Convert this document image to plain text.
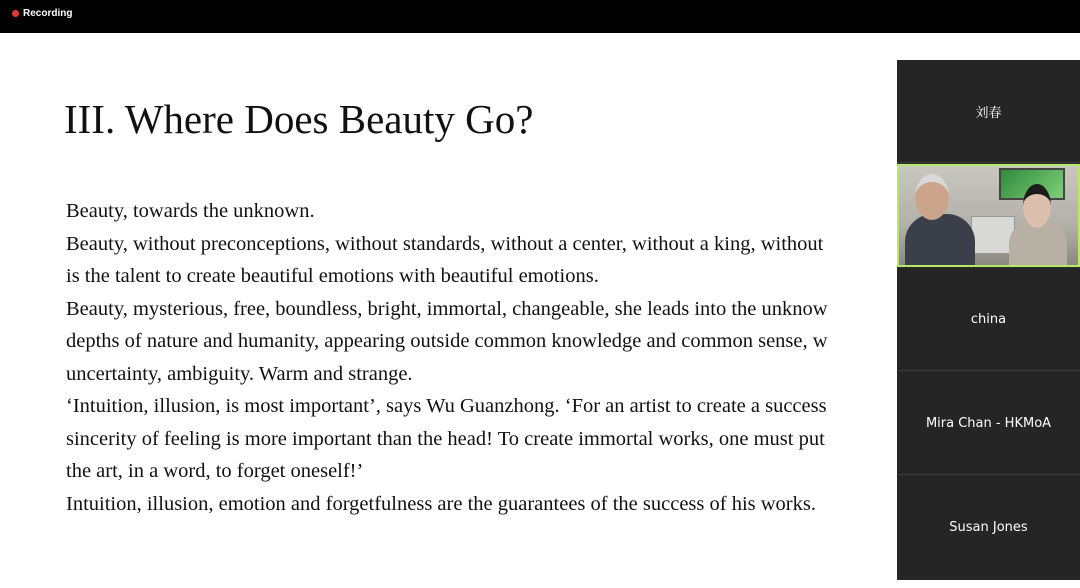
Recording
III. Where Does Beauty Go?
Beauty, towards the unknown.
Beauty, without preconceptions, without standards, without a center, without a king, without
is the talent to create beautiful emotions with beautiful emotions.
Beauty, mysterious, free, boundless, bright, immortal, changeable, she leads into the unknow
depths of nature and humanity, appearing outside common knowledge and common sense, w
uncertainty, ambiguity. Warm and strange.
‘Intuition, illusion, is most important’, says Wu Guanzhong. ‘For an artist to create a success
sincerity of feeling is more important than the head! To create immortal works, one must put
the art, in a word, to forget oneself!’
Intuition, illusion, emotion and forgetfulness are the guarantees of the success of his works.
刘春
china
Mira Chan - HKMoA
Susan Jones
